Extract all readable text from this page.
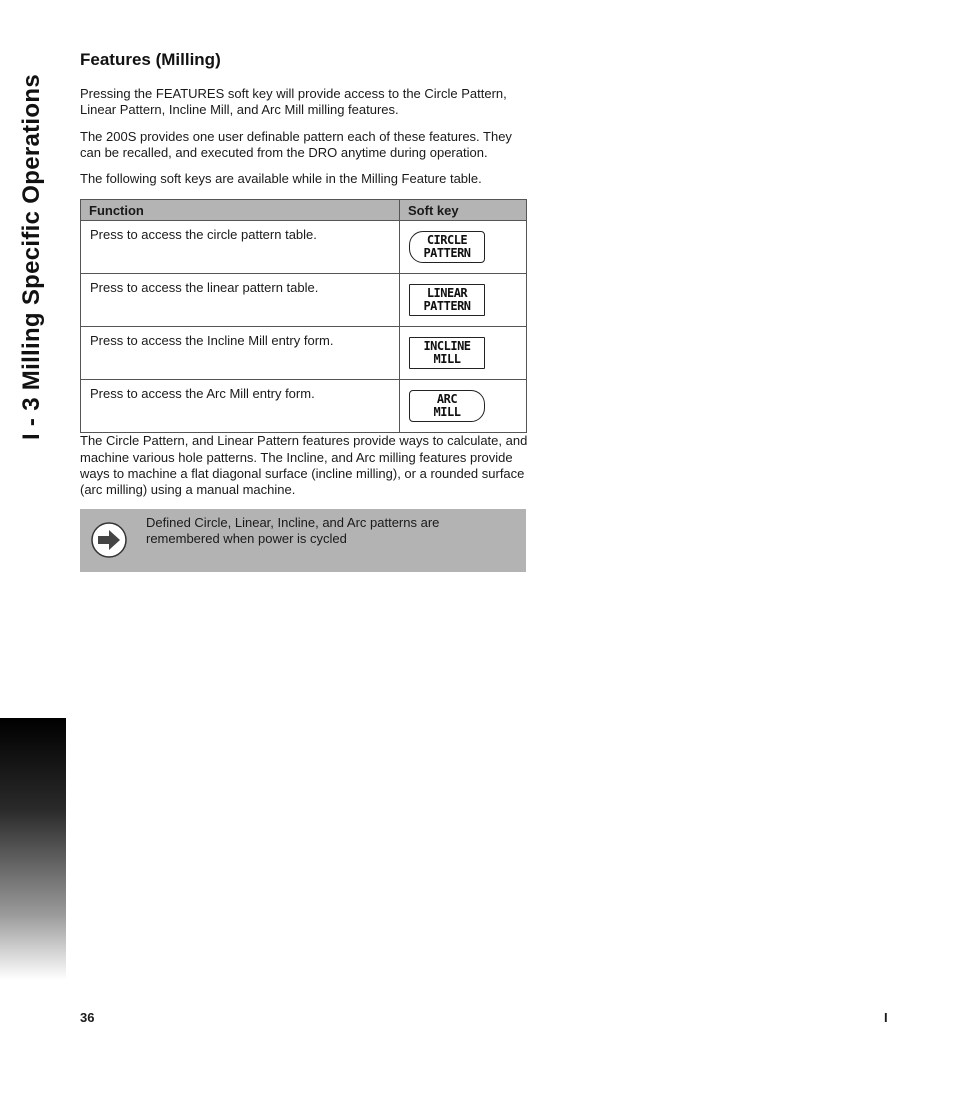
I - 3 Milling Specific Operations
Features (Milling)

Pressing the FEATURES soft key will provide access to the Circle Pattern, Linear Pattern, Incline Mill, and Arc Mill milling features.

The 200S provides one user definable pattern each of these features. They can be recalled, and executed from the DRO anytime during operation.

The following soft keys are available while in the Milling Feature table.

Function	Soft key
Press to access the circle pattern table.	CIRCLE
PATTERN

Press to access the linear pattern table.	LINEAR
PATTERN

Press to access the Incline Mill entry form.	INCLINE
MILL

Press to access the Arc Mill entry form.	ARC
MILL

The Circle Pattern, and Linear Pattern features provide ways to calculate, and machine various hole patterns. The Incline, and Arc milling features provide ways to machine a flat diagonal surface (incline milling), or a rounded surface (arc milling) using a manual machine.

Defined Circle, Linear, Incline, and Arc patterns are remembered when power is cycled
36	I
